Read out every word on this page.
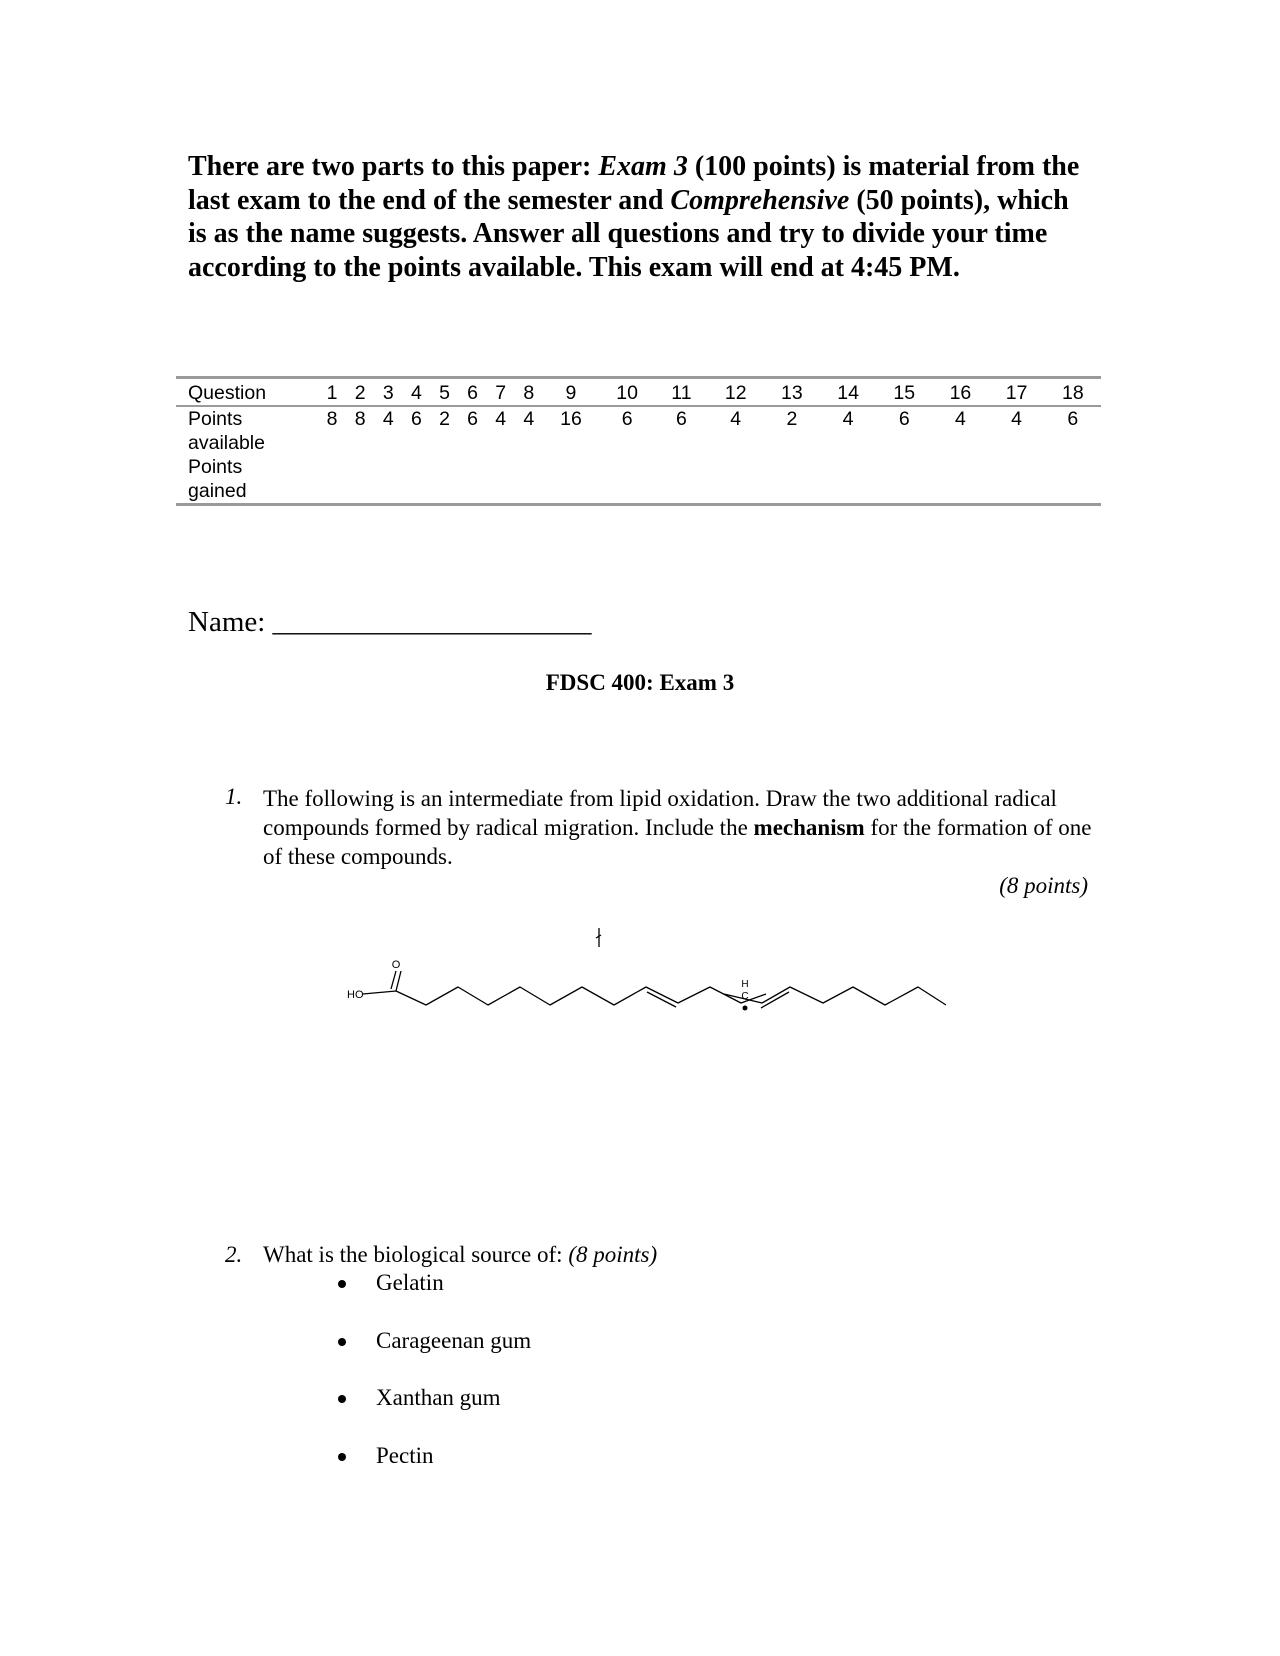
There are two parts to this paper: Exam 3 (100 points) is material from the last exam to the end of the semester and Comprehensive (50 points), which is as the name suggests. Answer all questions and try to divide your time according to the points available. This exam will end at 4:45 PM.
Question	1	2	3	4	5	6	7	8	9	10	11	12	13	14	15	16	17	18
Points
available	8	8	4	6	2	6	4	4	16	6	6	4	2	4	6	4	4	6
Points
gained																		
Name: ______________________
FDSC 400: Exam 3
1. The following is an intermediate from lipid oxidation. Draw the two additional radical compounds formed by radical migration. Include the mechanism for the formation of one of these compounds.
(8 points)
O
HO
H
C
2. What is the biological source of: (8 points)
Gelatin
Carageenan gum
Xanthan gum
Pectin
